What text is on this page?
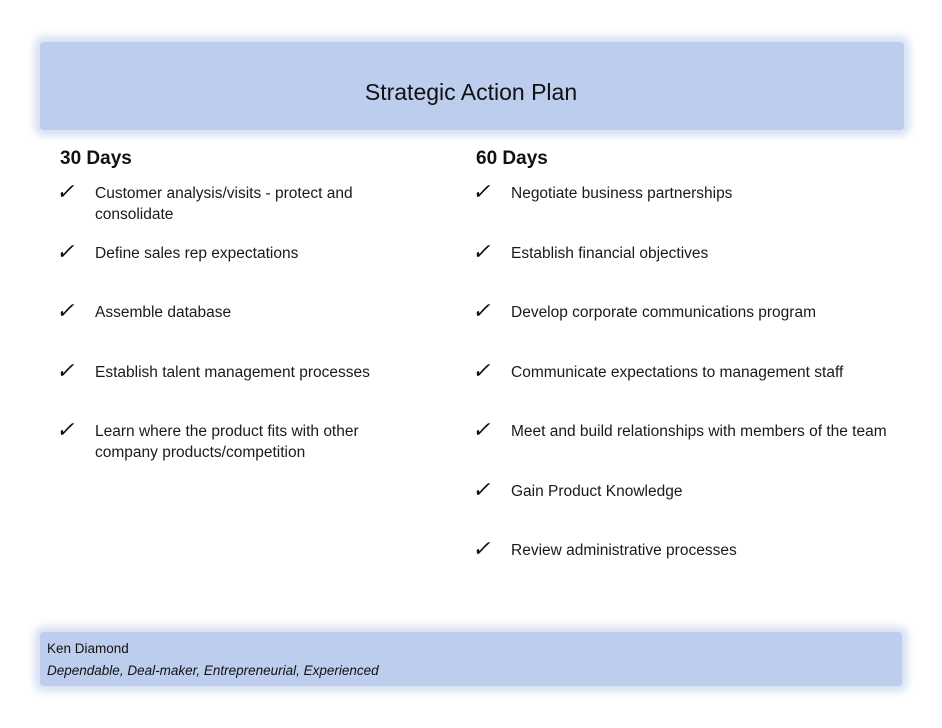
Strategic Action Plan
30 Days
✓ Customer analysis/visits - protect and consolidate
✓ Define sales rep expectations
✓ Assemble database
✓ Establish talent management processes
✓ Learn where the product fits with other company products/competition
60 Days
✓ Negotiate business partnerships
✓ Establish financial objectives
✓ Develop corporate communications program
✓ Communicate expectations to management staff
✓ Meet and build relationships with members of the team
✓ Gain Product Knowledge
✓ Review administrative processes
Ken Diamond
Dependable, Deal-maker, Entrepreneurial, Experienced
